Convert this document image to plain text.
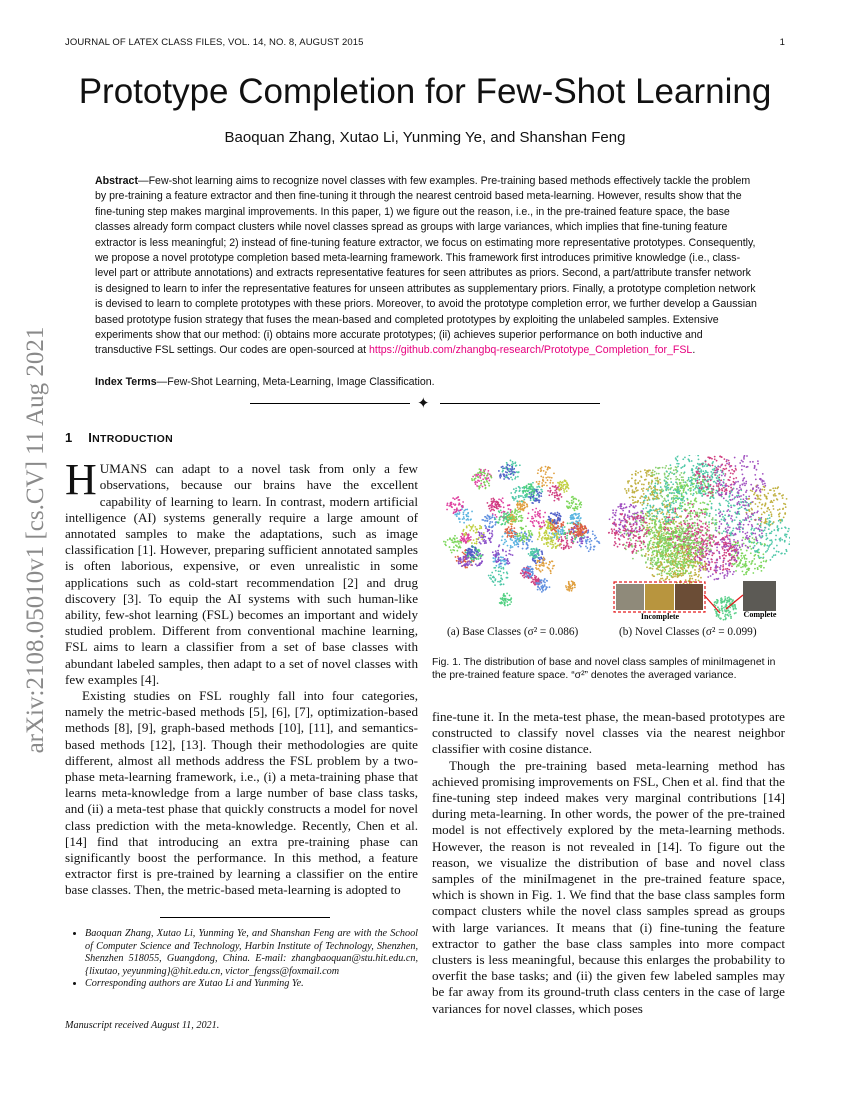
JOURNAL OF LATEX CLASS FILES, VOL. 14, NO. 8, AUGUST 2015	1
arXiv:2108.05010v1 [cs.CV] 11 Aug 2021
Prototype Completion for Few-Shot Learning
Baoquan Zhang, Xutao Li, Yunming Ye, and Shanshan Feng
Abstract—Few-shot learning aims to recognize novel classes with few examples. Pre-training based methods effectively tackle the problem by pre-training a feature extractor and then fine-tuning it through the nearest centroid based meta-learning. However, results show that the fine-tuning step makes marginal improvements. In this paper, 1) we figure out the reason, i.e., in the pre-trained feature space, the base classes already form compact clusters while novel classes spread as groups with large variances, which implies that fine-tuning feature extractor is less meaningful; 2) instead of fine-tuning feature extractor, we focus on estimating more representative prototypes. Consequently, we propose a novel prototype completion based meta-learning framework. This framework first introduces primitive knowledge (i.e., class-level part or attribute annotations) and extracts representative features for seen attributes as priors. Second, a part/attribute transfer network is designed to learn to infer the representative features for unseen attributes as supplementary priors. Finally, a prototype completion network is devised to learn to complete prototypes with these priors. Moreover, to avoid the prototype completion error, we further develop a Gaussian based prototype fusion strategy that fuses the mean-based and completed prototypes by exploiting the unlabeled samples. Extensive experiments show that our method: (i) obtains more accurate prototypes; (ii) achieves superior performance on both inductive and transductive FSL settings. Our codes are open-sourced at https://github.com/zhangbq-research/Prototype_Completion_for_FSL.
Index Terms—Few-Shot Learning, Meta-Learning, Image Classification.
✦
1 INTRODUCTION

HUMANS can adapt to a novel task from only a few observations, because our brains have the excellent capability of learning to learn. In contrast, modern artificial intelligence (AI) systems generally require a large amount of annotated samples to make the adaptations, such as image classification [1]. However, preparing sufficient annotated samples is often laborious, expensive, or even unrealistic in some applications such as cold-start recommendation [2] and drug discovery [3]. To equip the AI systems with such human-like ability, few-shot learning (FSL) becomes an important and widely studied problem. Different from conventional machine learning, FSL aims to learn a classifier from a set of base classes with abundant labeled samples, then adapt to a set of novel classes with few examples [4].

Existing studies on FSL roughly fall into four categories, namely the metric-based methods [5], [6], [7], optimization-based methods [8], [9], graph-based methods [10], [11], and semantics-based methods [12], [13]. Though their methodologies are quite different, almost all methods address the FSL problem by a two-phase meta-learning framework, i.e., (i) a meta-training phase that learns meta-knowledge from a large number of base class tasks, and (ii) a meta-test phase that quickly constructs a model for novel class prediction with the meta-knowledge. Recently, Chen et al. [14] find that introducing an extra pre-training phase can significantly boost the performance. In this method, a feature extractor first is pre-trained by learning a classifier on the entire base classes. Then, the metric-based meta-learning is adopted to

• Baoquan Zhang, Xutao Li, Yunming Ye, and Shanshan Feng are with the School of Computer Science and Technology, Harbin Institute of Technology, Shenzhen, Shenzhen 518055, Guangdong, China. E-mail: zhangbaoquan@stu.hit.edu.cn, {lixutao, yeyunming}@hit.edu.cn, victor_fengss@foxmail.com
• Corresponding authors are Xutao Li and Yunming Ye.
Manuscript received August 11, 2021.
Incomplete	Complete
(a) Base Classes (σ² = 0.086)	(b) Novel Classes (σ² = 0.099)
Fig. 1. The distribution of base and novel class samples of miniImagenet in the pre-trained feature space. “σ²” denotes the averaged variance.

fine-tune it. In the meta-test phase, the mean-based prototypes are constructed to classify novel classes via the nearest neighbor classifier with cosine distance.

Though the pre-training based meta-learning method has achieved promising improvements on FSL, Chen et al. find that the fine-tuning step indeed makes very marginal contributions [14] during meta-learning. In other words, the power of the pre-trained model is not effectively explored by the meta-learning methods. However, the reason is not revealed in [14]. To figure out the reason, we visualize the distribution of base and novel class samples of the miniImagenet in the pre-trained feature space, which is shown in Fig. 1. We find that the base class samples form compact clusters while the novel class samples spread as groups with large variances. It means that (i) fine-tuning the feature extractor to gather the base class samples into more compact clusters is less meaningful, because this enlarges the probability to overfit the base tasks; and (ii) the given few labeled samples may be far away from its ground-truth class centers in the case of large variances for novel classes, which poses
